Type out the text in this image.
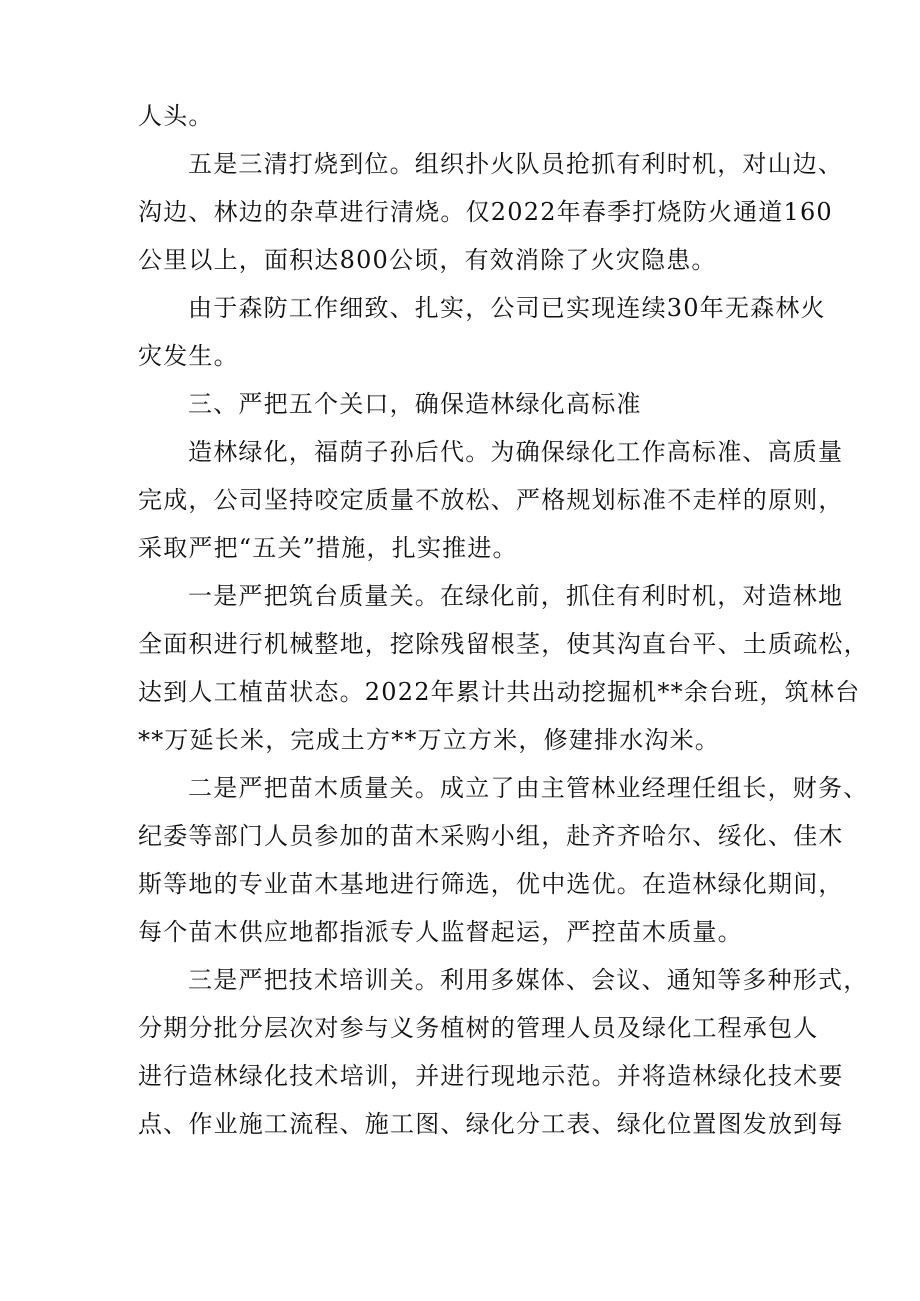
人头。
五是三清打烧到位。组织扑火队员抢抓有利时机，对山边、
沟边、林边的杂草进行清烧。仅2022年春季打烧防火通道160
公里以上，面积达800公顷，有效消除了火灾隐患。
由于森防工作细致、扎实，公司已实现连续30年无森林火
灾发生。
三、严把五个关口，确保造林绿化高标准
造林绿化，福荫子孙后代。为确保绿化工作高标准、高质量
完成，公司坚持咬定质量不放松、严格规划标准不走样的原则，
采取严把“五关”措施，扎实推进。
一是严把筑台质量关。在绿化前，抓住有利时机，对造林地
全面积进行机械整地，挖除残留根茎，使其沟直台平、土质疏松，
达到人工植苗状态。2022年累计共出动挖掘机**余台班，筑林台
**万延长米，完成土方**万立方米，修建排水沟米。
二是严把苗木质量关。成立了由主管林业经理任组长，财务、
纪委等部门人员参加的苗木采购小组，赴齐齐哈尔、绥化、佳木
斯等地的专业苗木基地进行筛选，优中选优。在造林绿化期间，
每个苗木供应地都指派专人监督起运，严控苗木质量。
三是严把技术培训关。利用多媒体、会议、通知等多种形式，
分期分批分层次对参与义务植树的管理人员及绿化工程承包人
进行造林绿化技术培训，并进行现地示范。并将造林绿化技术要
点、作业施工流程、施工图、绿化分工表、绿化位置图发放到每
